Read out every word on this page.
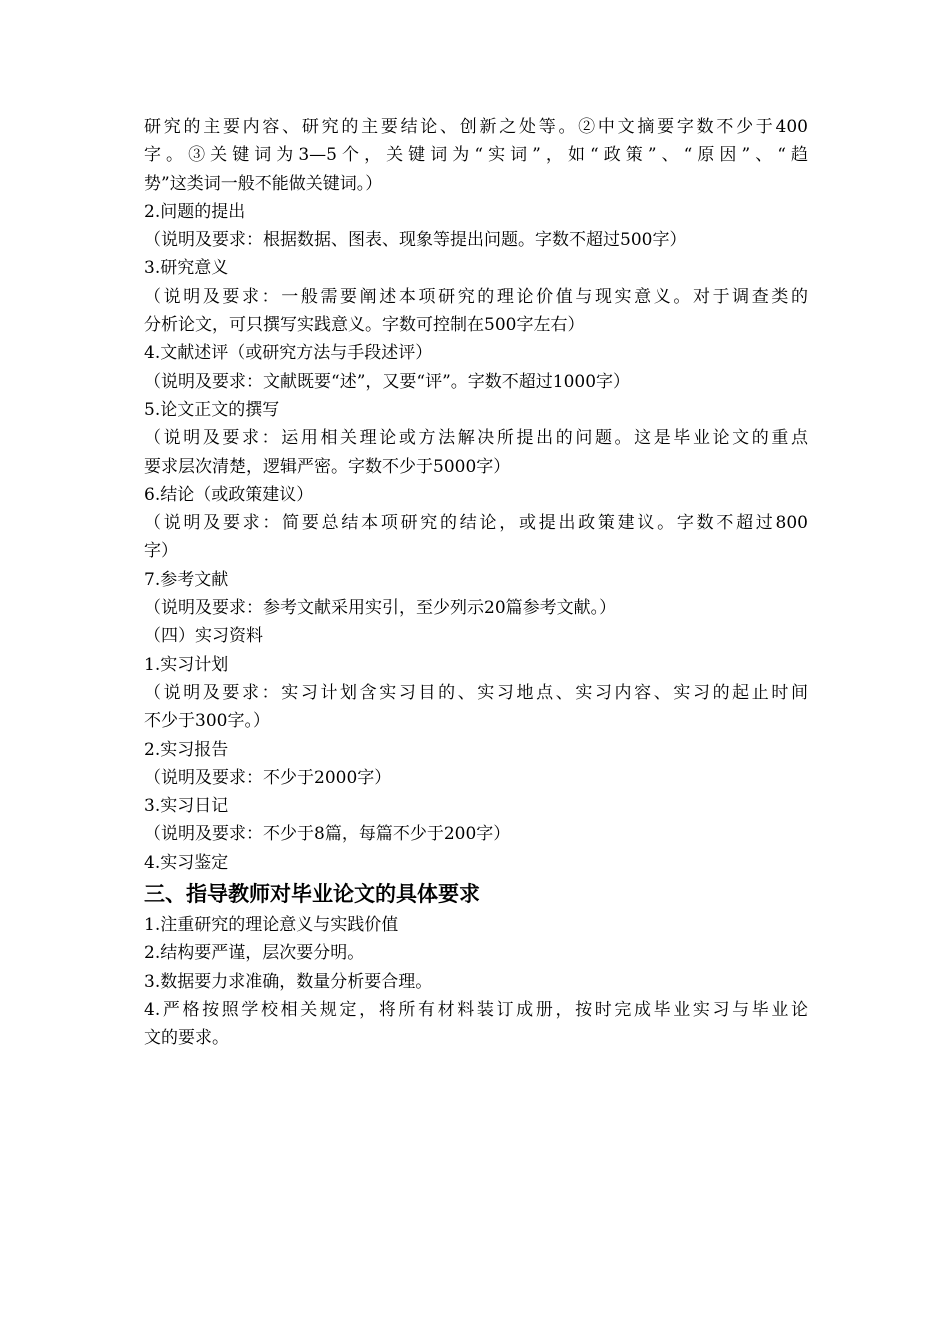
研究的主要内容、研究的主要结论、创新之处等。②中文摘要字数不少于400

字。③关键词为3—5个，关键词为“实词”，如“政策”、“原因”、“趋

势”这类词一般不能做关键词。）

2.问题的提出

（说明及要求：根据数据、图表、现象等提出问题。字数不超过500字）

3.研究意义

（说明及要求：一般需要阐述本项研究的理论价值与现实意义。对于调查类的

分析论文，可只撰写实践意义。字数可控制在500字左右）

4.文献述评（或研究方法与手段述评）

（说明及要求：文献既要“述”，又要“评”。字数不超过1000字）

5.论文正文的撰写

（说明及要求：运用相关理论或方法解决所提出的问题。这是毕业论文的重点

要求层次清楚，逻辑严密。字数不少于5000字）

6.结论（或政策建议）

（说明及要求：简要总结本项研究的结论，或提出政策建议。字数不超过800

字）

7.参考文献

（说明及要求：参考文献采用实引，至少列示20篇参考文献。）

（四）实习资料

1.实习计划

（说明及要求：实习计划含实习目的、实习地点、实习内容、实习的起止时间

不少于300字。）

2.实习报告

（说明及要求：不少于2000字）

3.实习日记

（说明及要求：不少于8篇，每篇不少于200字）

4.实习鉴定

三、指导教师对毕业论文的具体要求

1.注重研究的理论意义与实践价值

2.结构要严谨，层次要分明。

3.数据要力求准确，数量分析要合理。

4.严格按照学校相关规定，将所有材料装订成册，按时完成毕业实习与毕业论

文的要求。
